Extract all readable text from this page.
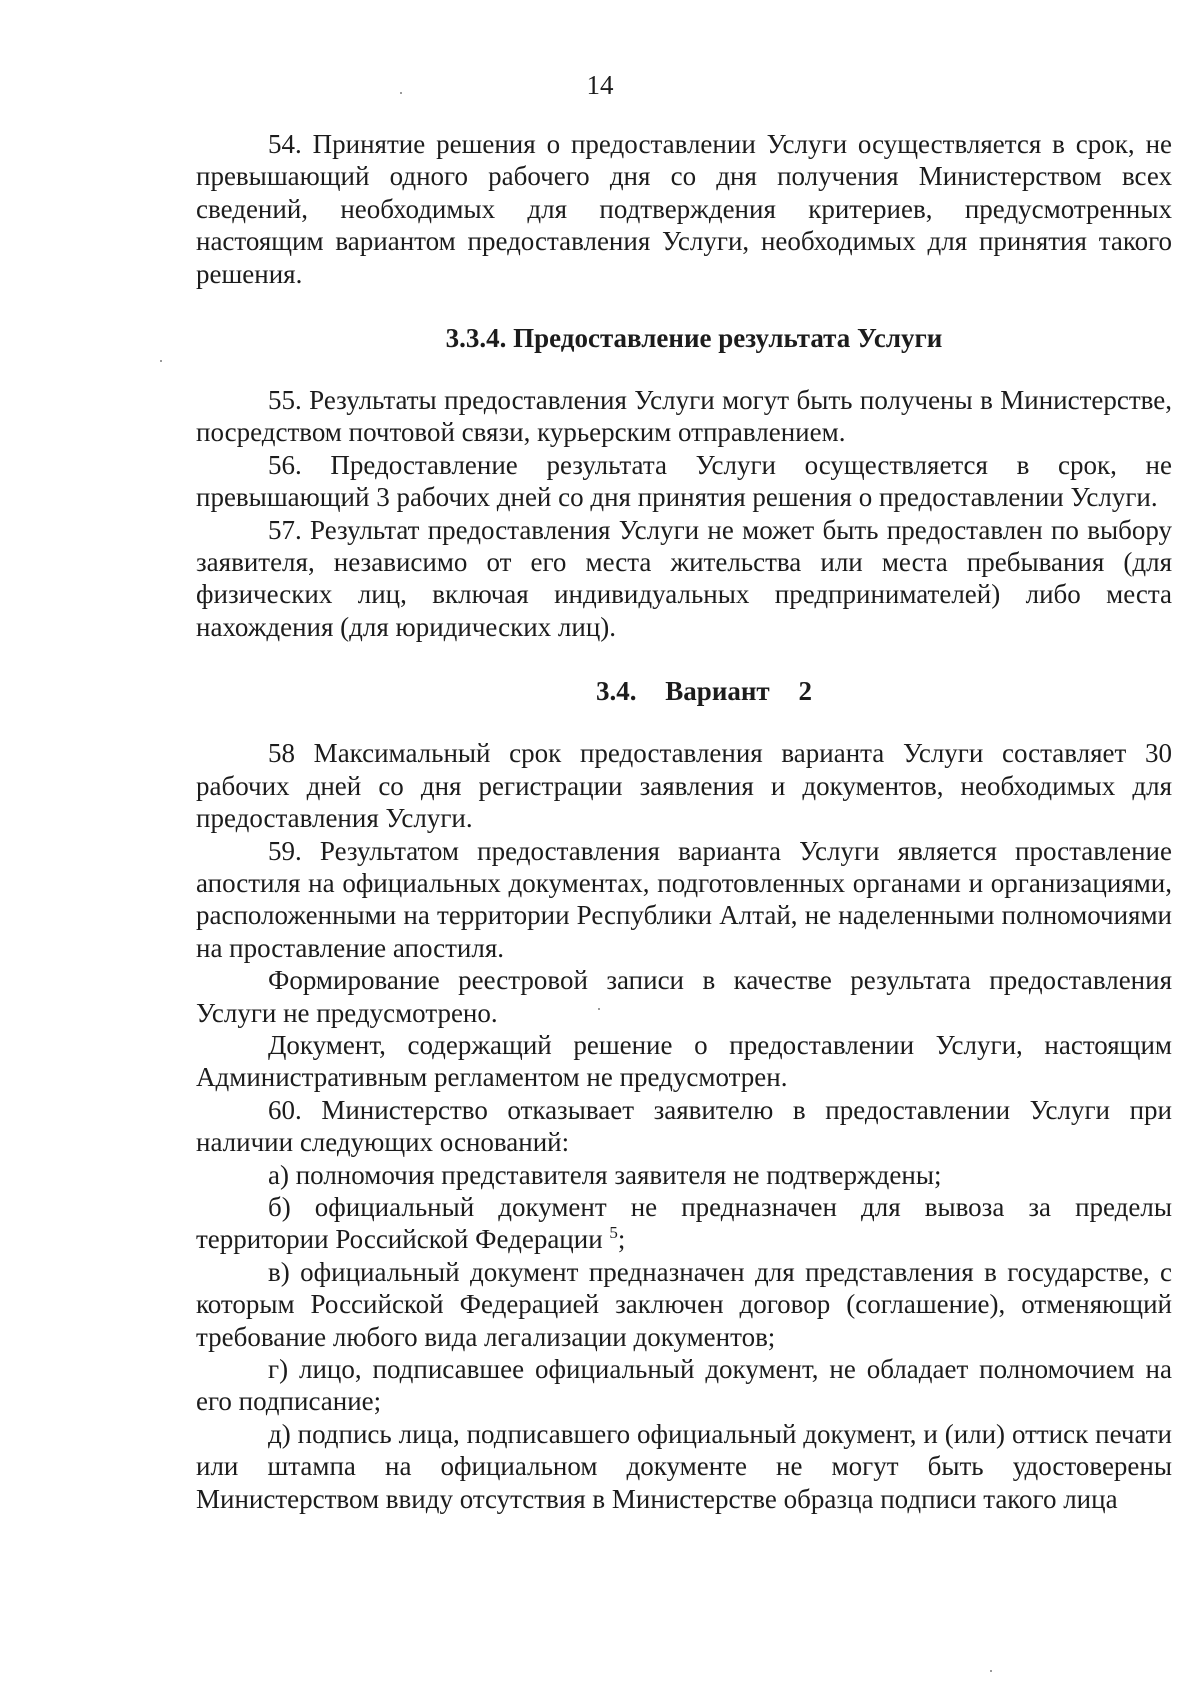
14

54. Принятие решения о предоставлении Услуги осуществляется в срок, не превышающий одного рабочего дня со дня получения Министерством всех сведений, необходимых для подтверждения критериев, предусмотренных настоящим вариантом предоставления Услуги, необходимых для принятия такого решения.

3.3.4. Предоставление результата Услуги

55. Результаты предоставления Услуги могут быть получены в Министерстве, посредством почтовой связи, курьерским отправлением.

56. Предоставление результата Услуги осуществляется в срок, не превышающий 3 рабочих дней со дня принятия решения о предоставлении Услуги.

57. Результат предоставления Услуги не может быть предоставлен по выбору заявителя, независимо от его места жительства или места пребывания (для физических лиц, включая индивидуальных предпринимателей) либо места нахождения (для юридических лиц).

3.4. Вариант 2

58 Максимальный срок предоставления варианта Услуги составляет 30 рабочих дней со дня регистрации заявления и документов, необходимых для предоставления Услуги.

59. Результатом предоставления варианта Услуги является проставление апостиля на официальных документах, подготовленных органами и организациями, расположенными на территории Республики Алтай, не наделенными полномочиями на проставление апостиля.

Формирование реестровой записи в качестве результата предоставления Услуги не предусмотрено.

Документ, содержащий решение о предоставлении Услуги, настоящим Административным регламентом не предусмотрен.

60. Министерство отказывает заявителю в предоставлении Услуги при наличии следующих оснований:

а) полномочия представителя заявителя не подтверждены;

б) официальный документ не предназначен для вывоза за пределы территории Российской Федерации $^5$;

в) официальный документ предназначен для представления в государстве, с которым Российской Федерацией заключен договор (соглашение), отменяющий требование любого вида легализации документов;

г) лицо, подписавшее официальный документ, не обладает полномочием на его подписание;

д) подпись лица, подписавшего официальный документ, и (или) оттиск печати или штампа на официальном документе не могут быть удостоверены Министерством ввиду отсутствия в Министерстве образца подписи такого лица
